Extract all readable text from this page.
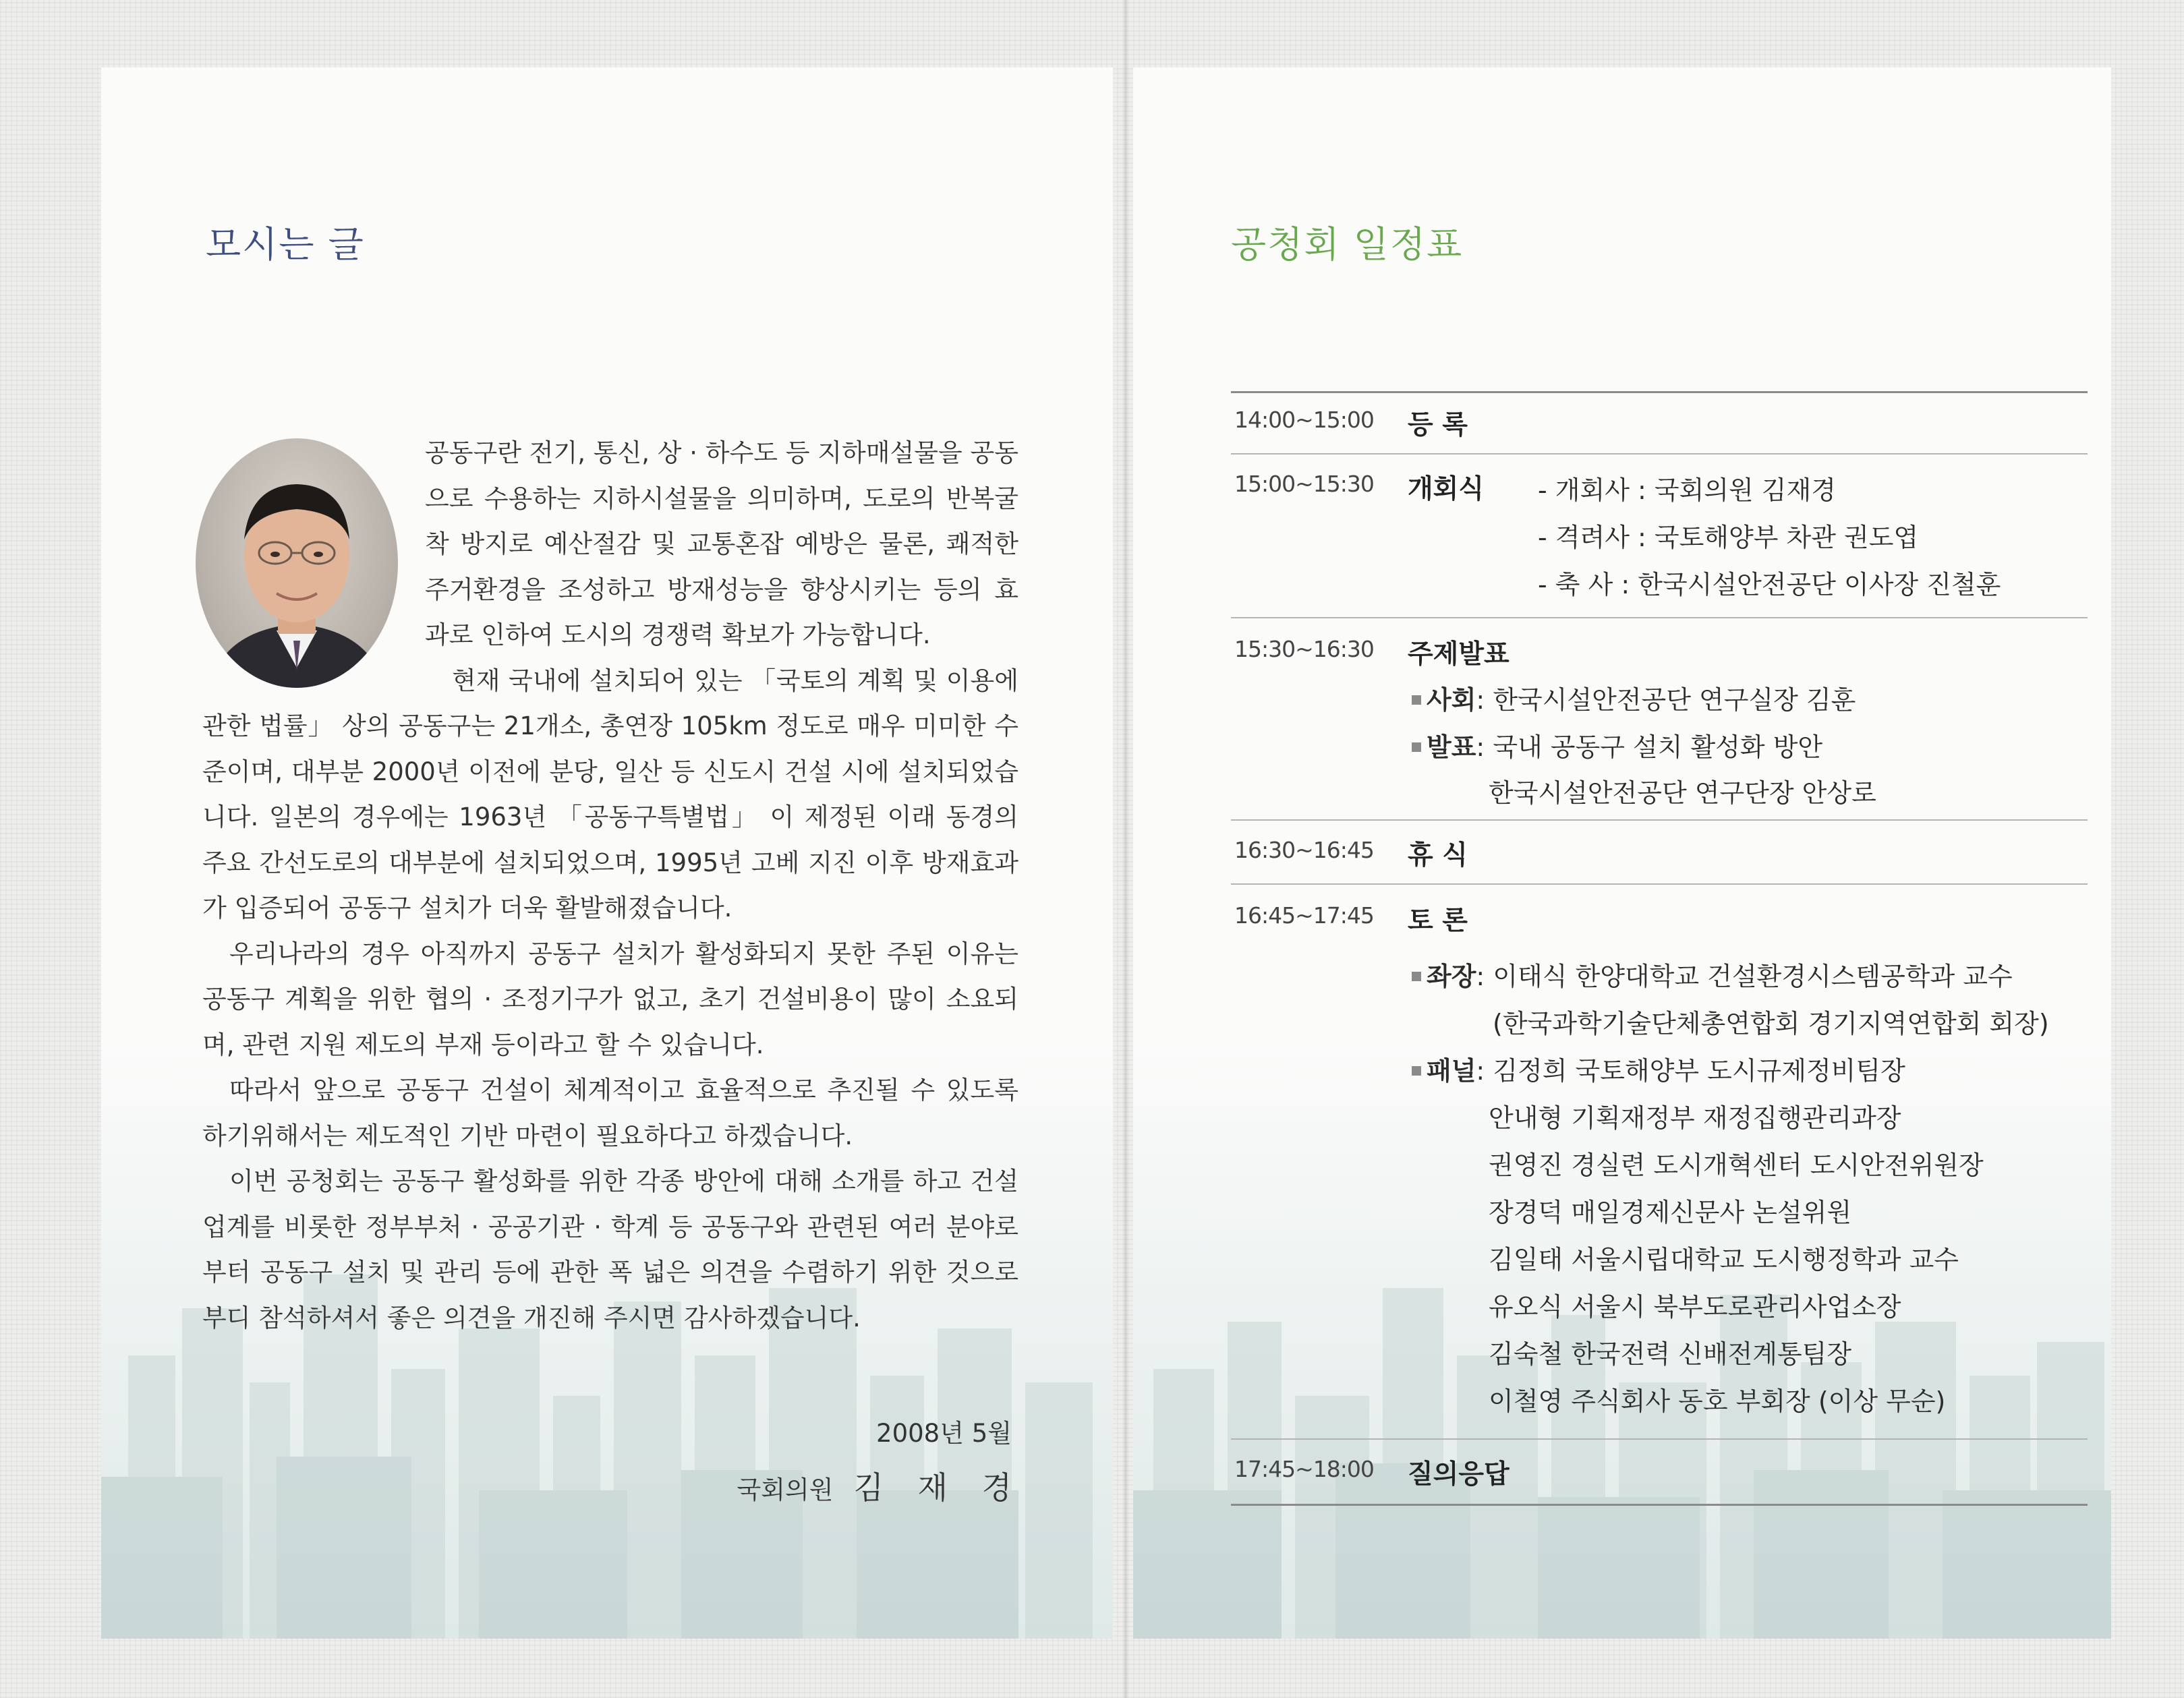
모시는 글

공동구란 전기, 통신, 상 · 하수도 등 지하매설물을 공동으로 수용하는 지하시설물을 의미하며, 도로의 반복굴착 방지로 예산절감 및 교통혼잡 예방은 물론, 쾌적한 주거환경을 조성하고 방재성능을 향상시키는 등의 효과로 인하여 도시의 경쟁력 확보가 가능합니다.

현재 국내에 설치되어 있는 「국토의 계획 및 이용에 관한 법률」 상의 공동구는 21개소, 총연장 105km 정도로 매우 미미한 수준이며, 대부분 2000년 이전에 분당, 일산 등 신도시 건설 시에 설치되었습니다. 일본의 경우에는 1963년 「공동구특별법」 이 제정된 이래 동경의 주요 간선도로의 대부분에 설치되었으며, 1995년 고베 지진 이후 방재효과가 입증되어 공동구 설치가 더욱 활발해졌습니다.

우리나라의 경우 아직까지 공동구 설치가 활성화되지 못한 주된 이유는 공동구 계획을 위한 협의 · 조정기구가 없고, 초기 건설비용이 많이 소요되며, 관련 지원 제도의 부재 등이라고 할 수 있습니다.

따라서 앞으로 공동구 건설이 체계적이고 효율적으로 추진될 수 있도록 하기위해서는 제도적인 기반 마련이 필요하다고 하겠습니다.

이번 공청회는 공동구 활성화를 위한 각종 방안에 대해 소개를 하고 건설업계를 비롯한 정부부처 · 공공기관 · 학계 등 공동구와 관련된 여러 분야로 부터 공동구 설치 및 관리 등에 관한 폭 넓은 의견을 수렴하기 위한 것으로 부디 참석하셔서 좋은 의견을 개진해 주시면 감사하겠습니다.

2008년 5월
국회의원 김 재 경
공청회 일정표
14:00~15:00 등 록
15:00~15:30 개회식 - 개회사 : 국회의원 김재경
- 격려사 : 국토해양부 차관 권도엽
- 축 사 : 한국시설안전공단 이사장 진철훈
15:30~16:30 주제발표
사회: 한국시설안전공단 연구실장 김훈
발표: 국내 공동구 설치 활성화 방안
한국시설안전공단 연구단장 안상로
16:30~16:45 휴 식
16:45~17:45 토 론
좌장: 이태식 한양대학교 건설환경시스템공학과 교수
(한국과학기술단체총연합회 경기지역연합회 회장)
패널: 김정희 국토해양부 도시규제정비팀장
안내형 기획재정부 재정집행관리과장
권영진 경실련 도시개혁센터 도시안전위원장
장경덕 매일경제신문사 논설위원
김일태 서울시립대학교 도시행정학과 교수
유오식 서울시 북부도로관리사업소장
김숙철 한국전력 신배전계통팀장
이철영 주식회사 동호 부회장 (이상 무순)
17:45~18:00 질의응답
